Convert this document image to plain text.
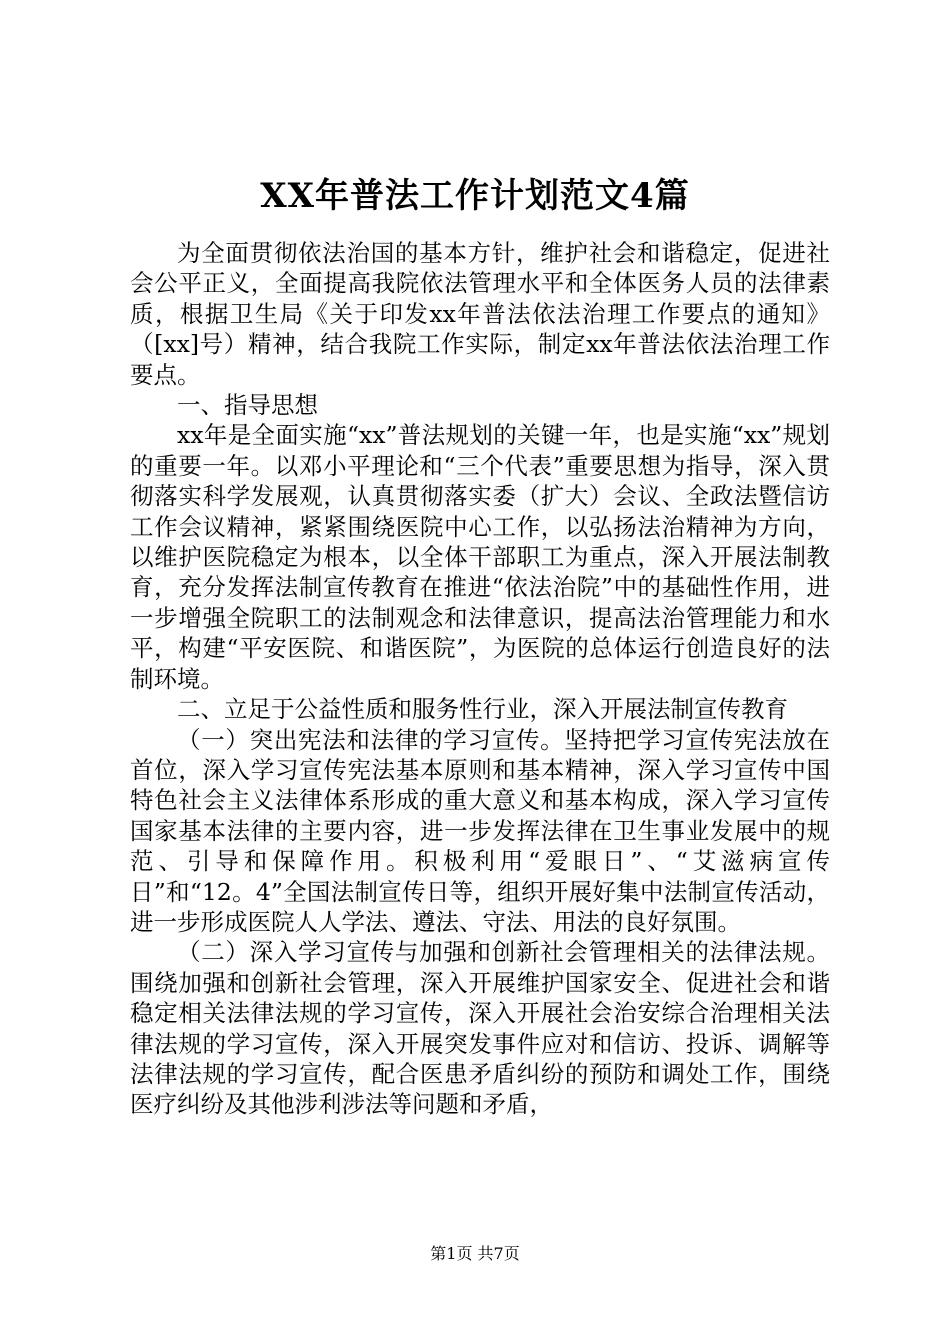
XX年普法工作计划范文4篇

为全面贯彻依法治国的基本方针，维护社会和谐稳定，促进社会公平正义，全面提高我院依法管理水平和全体医务人员的法律素质，根据卫生局《关于印发xx年普法依法治理工作要点的通知》（[xx]号）精神，结合我院工作实际，制定xx年普法依法治理工作要点。

一、指导思想

xx年是全面实施“xx”普法规划的关键一年，也是实施“xx”规划的重要一年。以邓小平理论和“三个代表”重要思想为指导，深入贯彻落实科学发展观，认真贯彻落实委（扩大）会议、全政法暨信访工作会议精神，紧紧围绕医院中心工作，以弘扬法治精神为方向，以维护医院稳定为根本，以全体干部职工为重点，深入开展法制教育，充分发挥法制宣传教育在推进“依法治院”中的基础性作用，进一步增强全院职工的法制观念和法律意识，提高法治管理能力和水平，构建“平安医院、和谐医院”，为医院的总体运行创造良好的法制环境。

二、立足于公益性质和服务性行业，深入开展法制宣传教育

（一）突出宪法和法律的学习宣传。坚持把学习宣传宪法放在首位，深入学习宣传宪法基本原则和基本精神，深入学习宣传中国特色社会主义法律体系形成的重大意义和基本构成，深入学习宣传国家基本法律的主要内容，进一步发挥法律在卫生事业发展中的规范、引导和保障作用。积极利用“爱眼日”、“艾滋病宣传日”和“12。4”全国法制宣传日等，组织开展好集中法制宣传活动，进一步形成医院人人学法、遵法、守法、用法的良好氛围。

（二）深入学习宣传与加强和创新社会管理相关的法律法规。围绕加强和创新社会管理，深入开展维护国家安全、促进社会和谐稳定相关法律法规的学习宣传，深入开展社会治安综合治理相关法律法规的学习宣传，深入开展突发事件应对和信访、投诉、调解等法律法规的学习宣传，配合医患矛盾纠纷的预防和调处工作，围绕医疗纠纷及其他涉利涉法等问题和矛盾，

第1页 共7页
